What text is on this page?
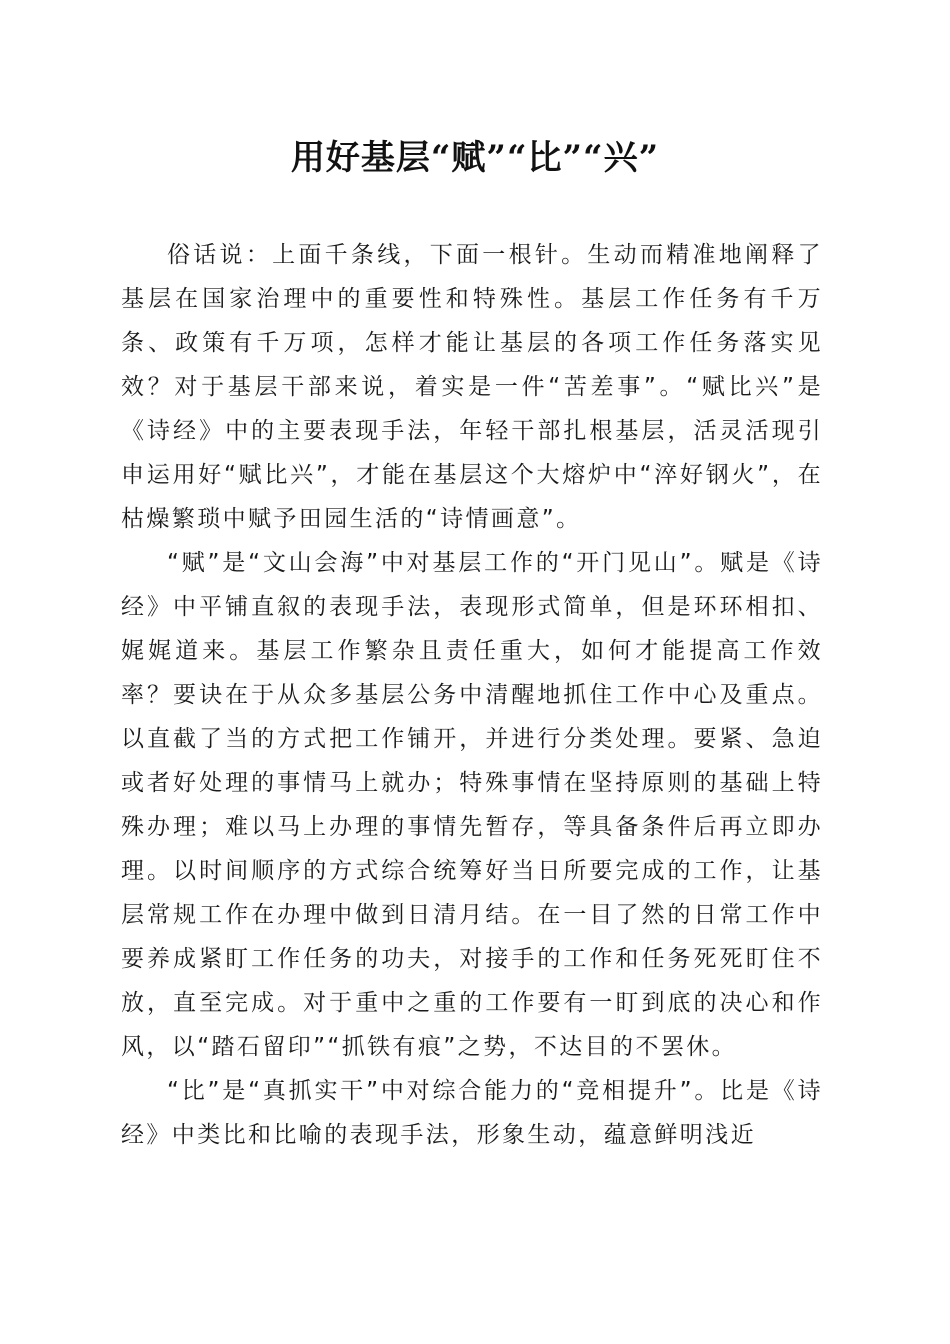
用好基层“赋”“比”“兴”

俗话说：上面千条线，下面一根针。生动而精准地阐释了基层在国家治理中的重要性和特殊性。基层工作任务有千万条、政策有千万项，怎样才能让基层的各项工作任务落实见效？对于基层干部来说，着实是一件“苦差事”。“赋比兴”是《诗经》中的主要表现手法，年轻干部扎根基层，活灵活现引申运用好“赋比兴”，才能在基层这个大熔炉中“淬好钢火”，在枯燥繁琐中赋予田园生活的“诗情画意”。

“赋”是“文山会海”中对基层工作的“开门见山”。赋是《诗经》中平铺直叙的表现手法，表现形式简单，但是环环相扣、娓娓道来。基层工作繁杂且责任重大，如何才能提高工作效率？要诀在于从众多基层公务中清醒地抓住工作中心及重点。以直截了当的方式把工作铺开，并进行分类处理。要紧、急迫或者好处理的事情马上就办；特殊事情在坚持原则的基础上特殊办理；难以马上办理的事情先暂存，等具备条件后再立即办理。以时间顺序的方式综合统筹好当日所要完成的工作，让基层常规工作在办理中做到日清月结。在一目了然的日常工作中要养成紧盯工作任务的功夫，对接手的工作和任务死死盯住不放，直至完成。对于重中之重的工作要有一盯到底的决心和作风，以“踏石留印”“抓铁有痕”之势，不达目的不罢休。

“比”是“真抓实干”中对综合能力的“竞相提升”。比是《诗经》中类比和比喻的表现手法，形象生动，蕴意鲜明浅近
